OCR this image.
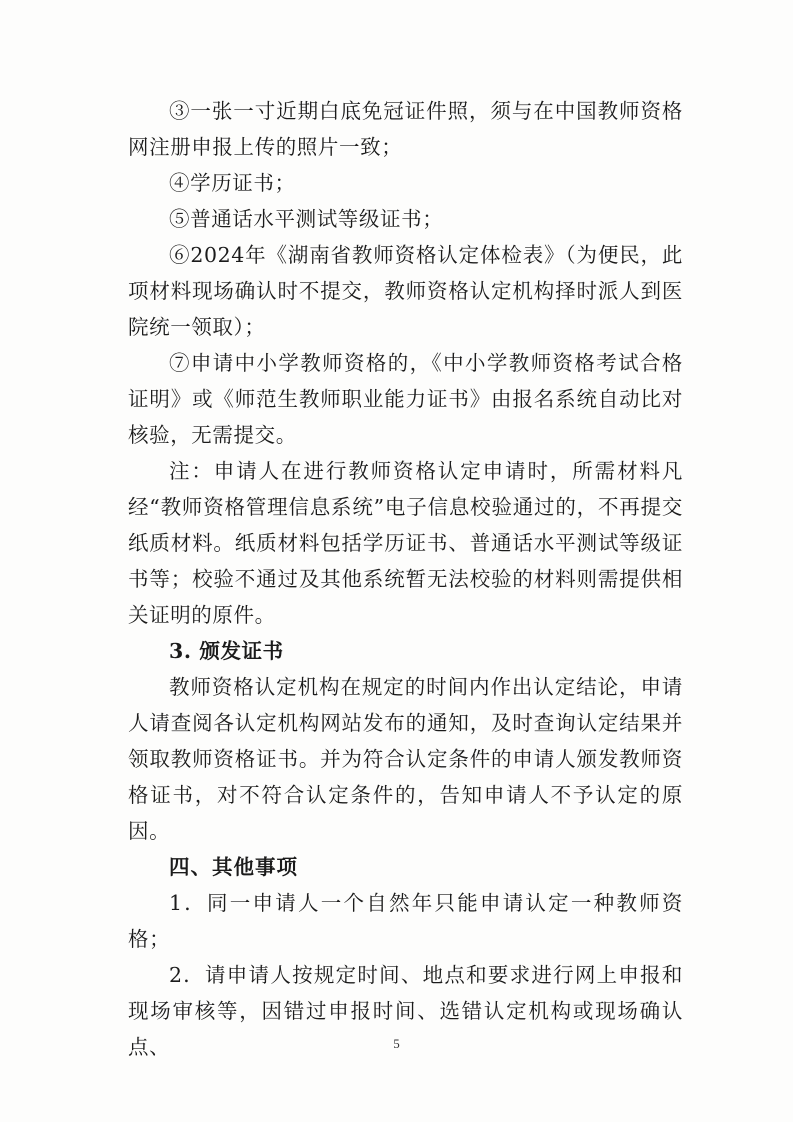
③一张一寸近期白底免冠证件照，须与在中国教师资格网注册申报上传的照片一致；

④学历证书；

⑤普通话水平测试等级证书；

⑥2024年《湖南省教师资格认定体检表》（为便民，此项材料现场确认时不提交，教师资格认定机构择时派人到医院统一领取）；

⑦申请中小学教师资格的，《中小学教师资格考试合格证明》或《师范生教师职业能力证书》由报名系统自动比对核验，无需提交。

注：申请人在进行教师资格认定申请时，所需材料凡经“教师资格管理信息系统”电子信息校验通过的，不再提交纸质材料。纸质材料包括学历证书、普通话水平测试等级证书等；校验不通过及其他系统暂无法校验的材料则需提供相关证明的原件。

3. 颁发证书

教师资格认定机构在规定的时间内作出认定结论，申请人请查阅各认定机构网站发布的通知，及时查询认定结果并领取教师资格证书。并为符合认定条件的申请人颁发教师资格证书，对不符合认定条件的，告知申请人不予认定的原因。

四、其他事项

1．同一申请人一个自然年只能申请认定一种教师资格；

2．请申请人按规定时间、地点和要求进行网上申报和现场审核等，因错过申报时间、选错认定机构或现场确认点、	5
